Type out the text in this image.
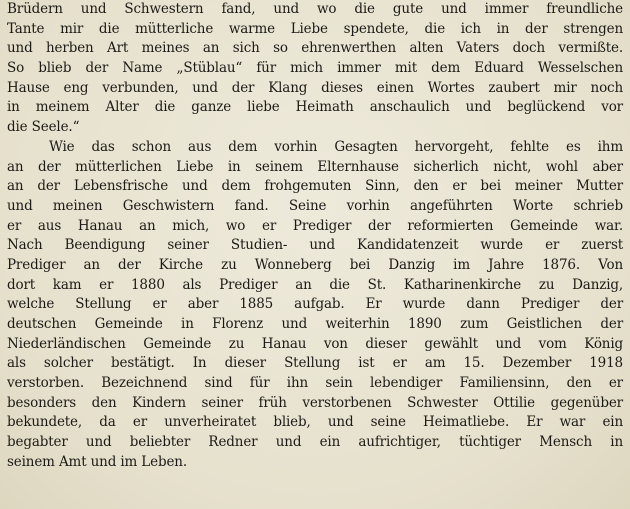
Brüdern und Schwestern fand, und wo die gute und immer freundliche
Tante mir die mütterliche warme Liebe spendete, die ich in der strengen
und herben Art meines an sich so ehrenwerthen alten Vaters doch vermißte.
So blieb der Name „Stüblau“ für mich immer mit dem Eduard Wesselschen
Hause eng verbunden, und der Klang dieses einen Wortes zaubert mir noch
in meinem Alter die ganze liebe Heimath anschaulich und beglückend vor
die Seele.“
Wie das schon aus dem vorhin Gesagten hervorgeht, fehlte es ihm
an der mütterlichen Liebe in seinem Elternhause sicherlich nicht, wohl aber
an der Lebensfrische und dem frohgemuten Sinn, den er bei meiner Mutter
und meinen Geschwistern fand. Seine vorhin angeführten Worte schrieb
er aus Hanau an mich, wo er Prediger der reformierten Gemeinde war.
Nach Beendigung seiner Studien- und Kandidatenzeit wurde er zuerst
Prediger an der Kirche zu Wonneberg bei Danzig im Jahre 1876. Von
dort kam er 1880 als Prediger an die St. Katharinenkirche zu Danzig,
welche Stellung er aber 1885 aufgab. Er wurde dann Prediger der
deutschen Gemeinde in Florenz und weiterhin 1890 zum Geistlichen der
Niederländischen Gemeinde zu Hanau von dieser gewählt und vom König
als solcher bestätigt. In dieser Stellung ist er am 15. Dezember 1918
verstorben. Bezeichnend sind für ihn sein lebendiger Familiensinn, den er
besonders den Kindern seiner früh verstorbenen Schwester Ottilie gegenüber
bekundete, da er unverheiratet blieb, und seine Heimatliebe. Er war ein
begabter und beliebter Redner und ein aufrichtiger, tüchtiger Mensch in
seinem Amt und im Leben.
